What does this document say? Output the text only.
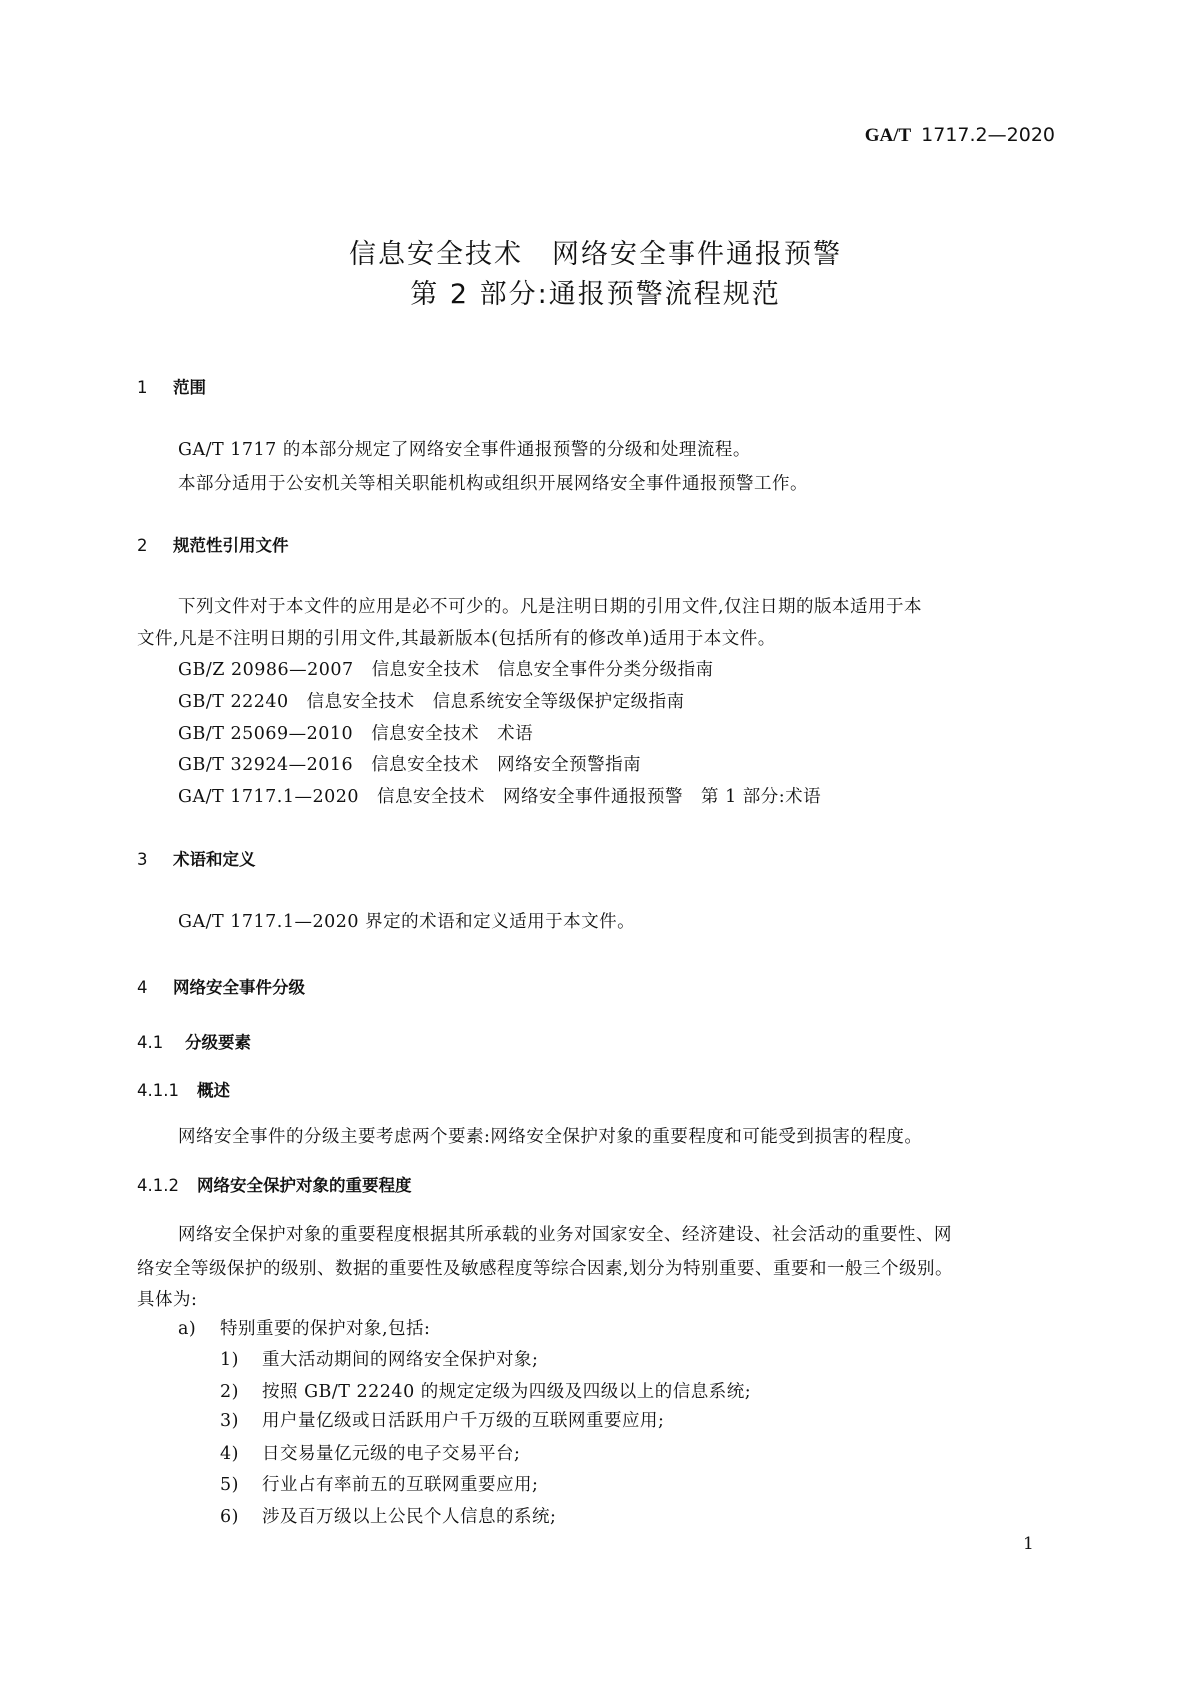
GA/T 1717.2—2020
信息安全技术　网络安全事件通报预警
第 2 部分:通报预警流程规范
1 范围
GA/T 1717 的本部分规定了网络安全事件通报预警的分级和处理流程。
本部分适用于公安机关等相关职能机构或组织开展网络安全事件通报预警工作。
2 规范性引用文件
下列文件对于本文件的应用是必不可少的。凡是注明日期的引用文件,仅注日期的版本适用于本
文件,凡是不注明日期的引用文件,其最新版本(包括所有的修改单)适用于本文件。
GB/Z 20986—2007 信息安全技术　信息安全事件分类分级指南
GB/T 22240 信息安全技术　信息系统安全等级保护定级指南
GB/T 25069—2010 信息安全技术　术语
GB/T 32924—2016 信息安全技术　网络安全预警指南
GA/T 1717.1—2020 信息安全技术　网络安全事件通报预警　第 1 部分:术语
3 术语和定义
GA/T 1717.1—2020 界定的术语和定义适用于本文件。
4 网络安全事件分级
4.1 分级要素
4.1.1 概述
网络安全事件的分级主要考虑两个要素:网络安全保护对象的重要程度和可能受到损害的程度。
4.1.2 网络安全保护对象的重要程度
网络安全保护对象的重要程度根据其所承载的业务对国家安全、经济建设、社会活动的重要性、网
络安全等级保护的级别、数据的重要性及敏感程度等综合因素,划分为特别重要、重要和一般三个级别。
具体为:
a) 特别重要的保护对象,包括:
1) 重大活动期间的网络安全保护对象;
2) 按照 GB/T 22240 的规定定级为四级及四级以上的信息系统;
3) 用户量亿级或日活跃用户千万级的互联网重要应用;
4) 日交易量亿元级的电子交易平台;
5) 行业占有率前五的互联网重要应用;
6) 涉及百万级以上公民个人信息的系统;
1
